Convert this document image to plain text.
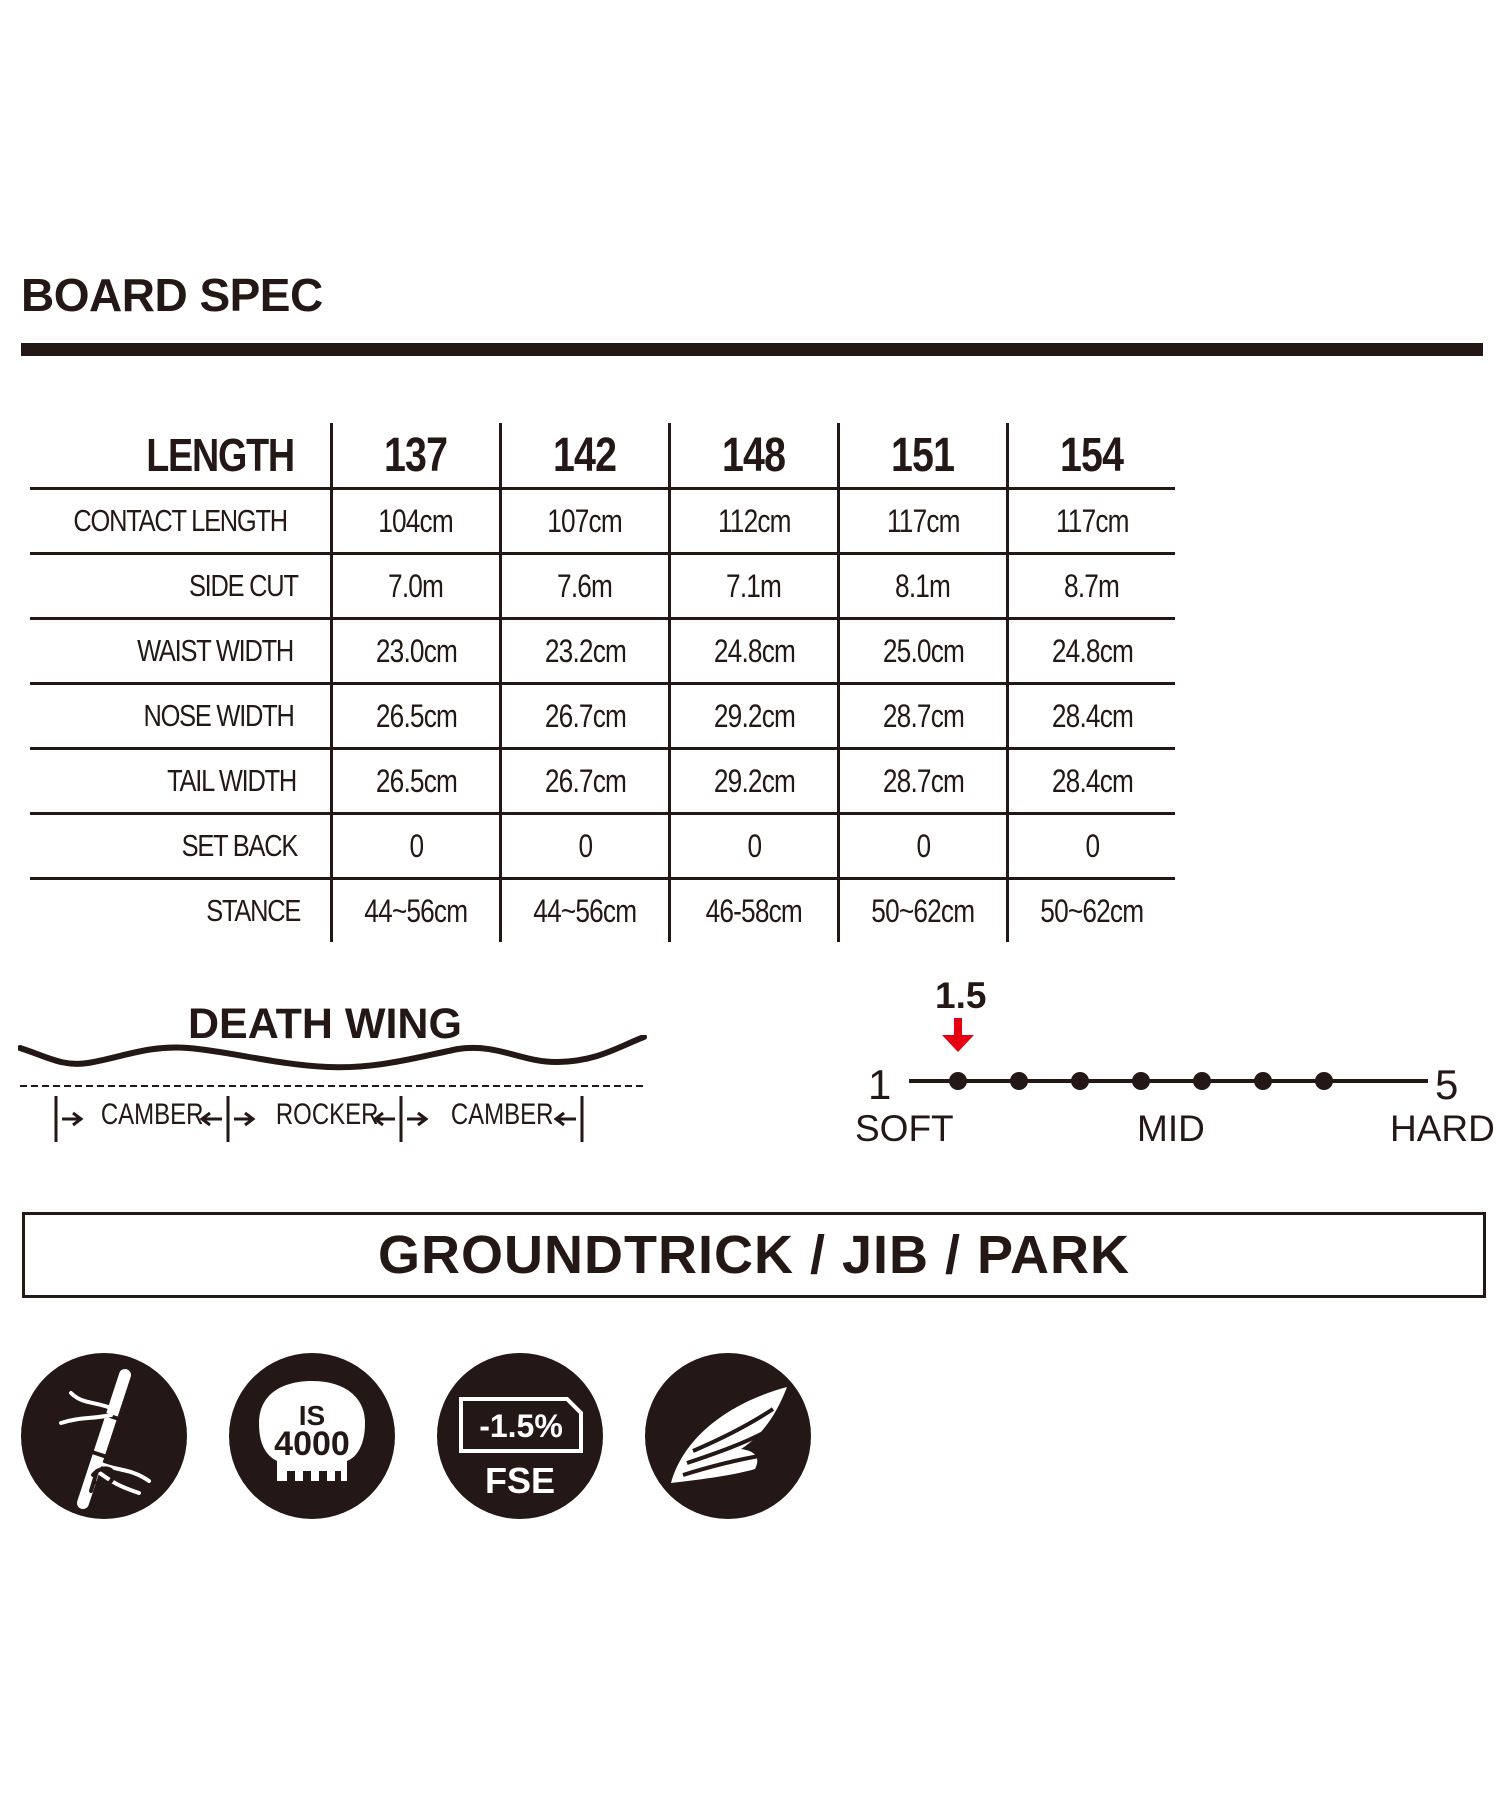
BOARD SPEC
LENGTH	137	142	148	151	154
CONTACT LENGTH	104cm	107cm	112cm	117cm	117cm
SIDE CUT	7.0m	7.6m	7.1m	8.1m	8.7m
WAIST WIDTH	23.0cm	23.2cm	24.8cm	25.0cm	24.8cm
NOSE WIDTH	26.5cm	26.7cm	29.2cm	28.7cm	28.4cm
TAIL WIDTH	26.5cm	26.7cm	29.2cm	28.7cm	28.4cm
SET BACK	0	0	0	0	0
STANCE	44~56cm	44~56cm	46-58cm	50~62cm	50~62cm
DEATH WING
CAMBER	ROCKER	CAMBER
1.5
1	5
SOFT	MID	HARD
GROUNDTRICK / JIB / PARK
IS
4000	-1.5%
FSE
